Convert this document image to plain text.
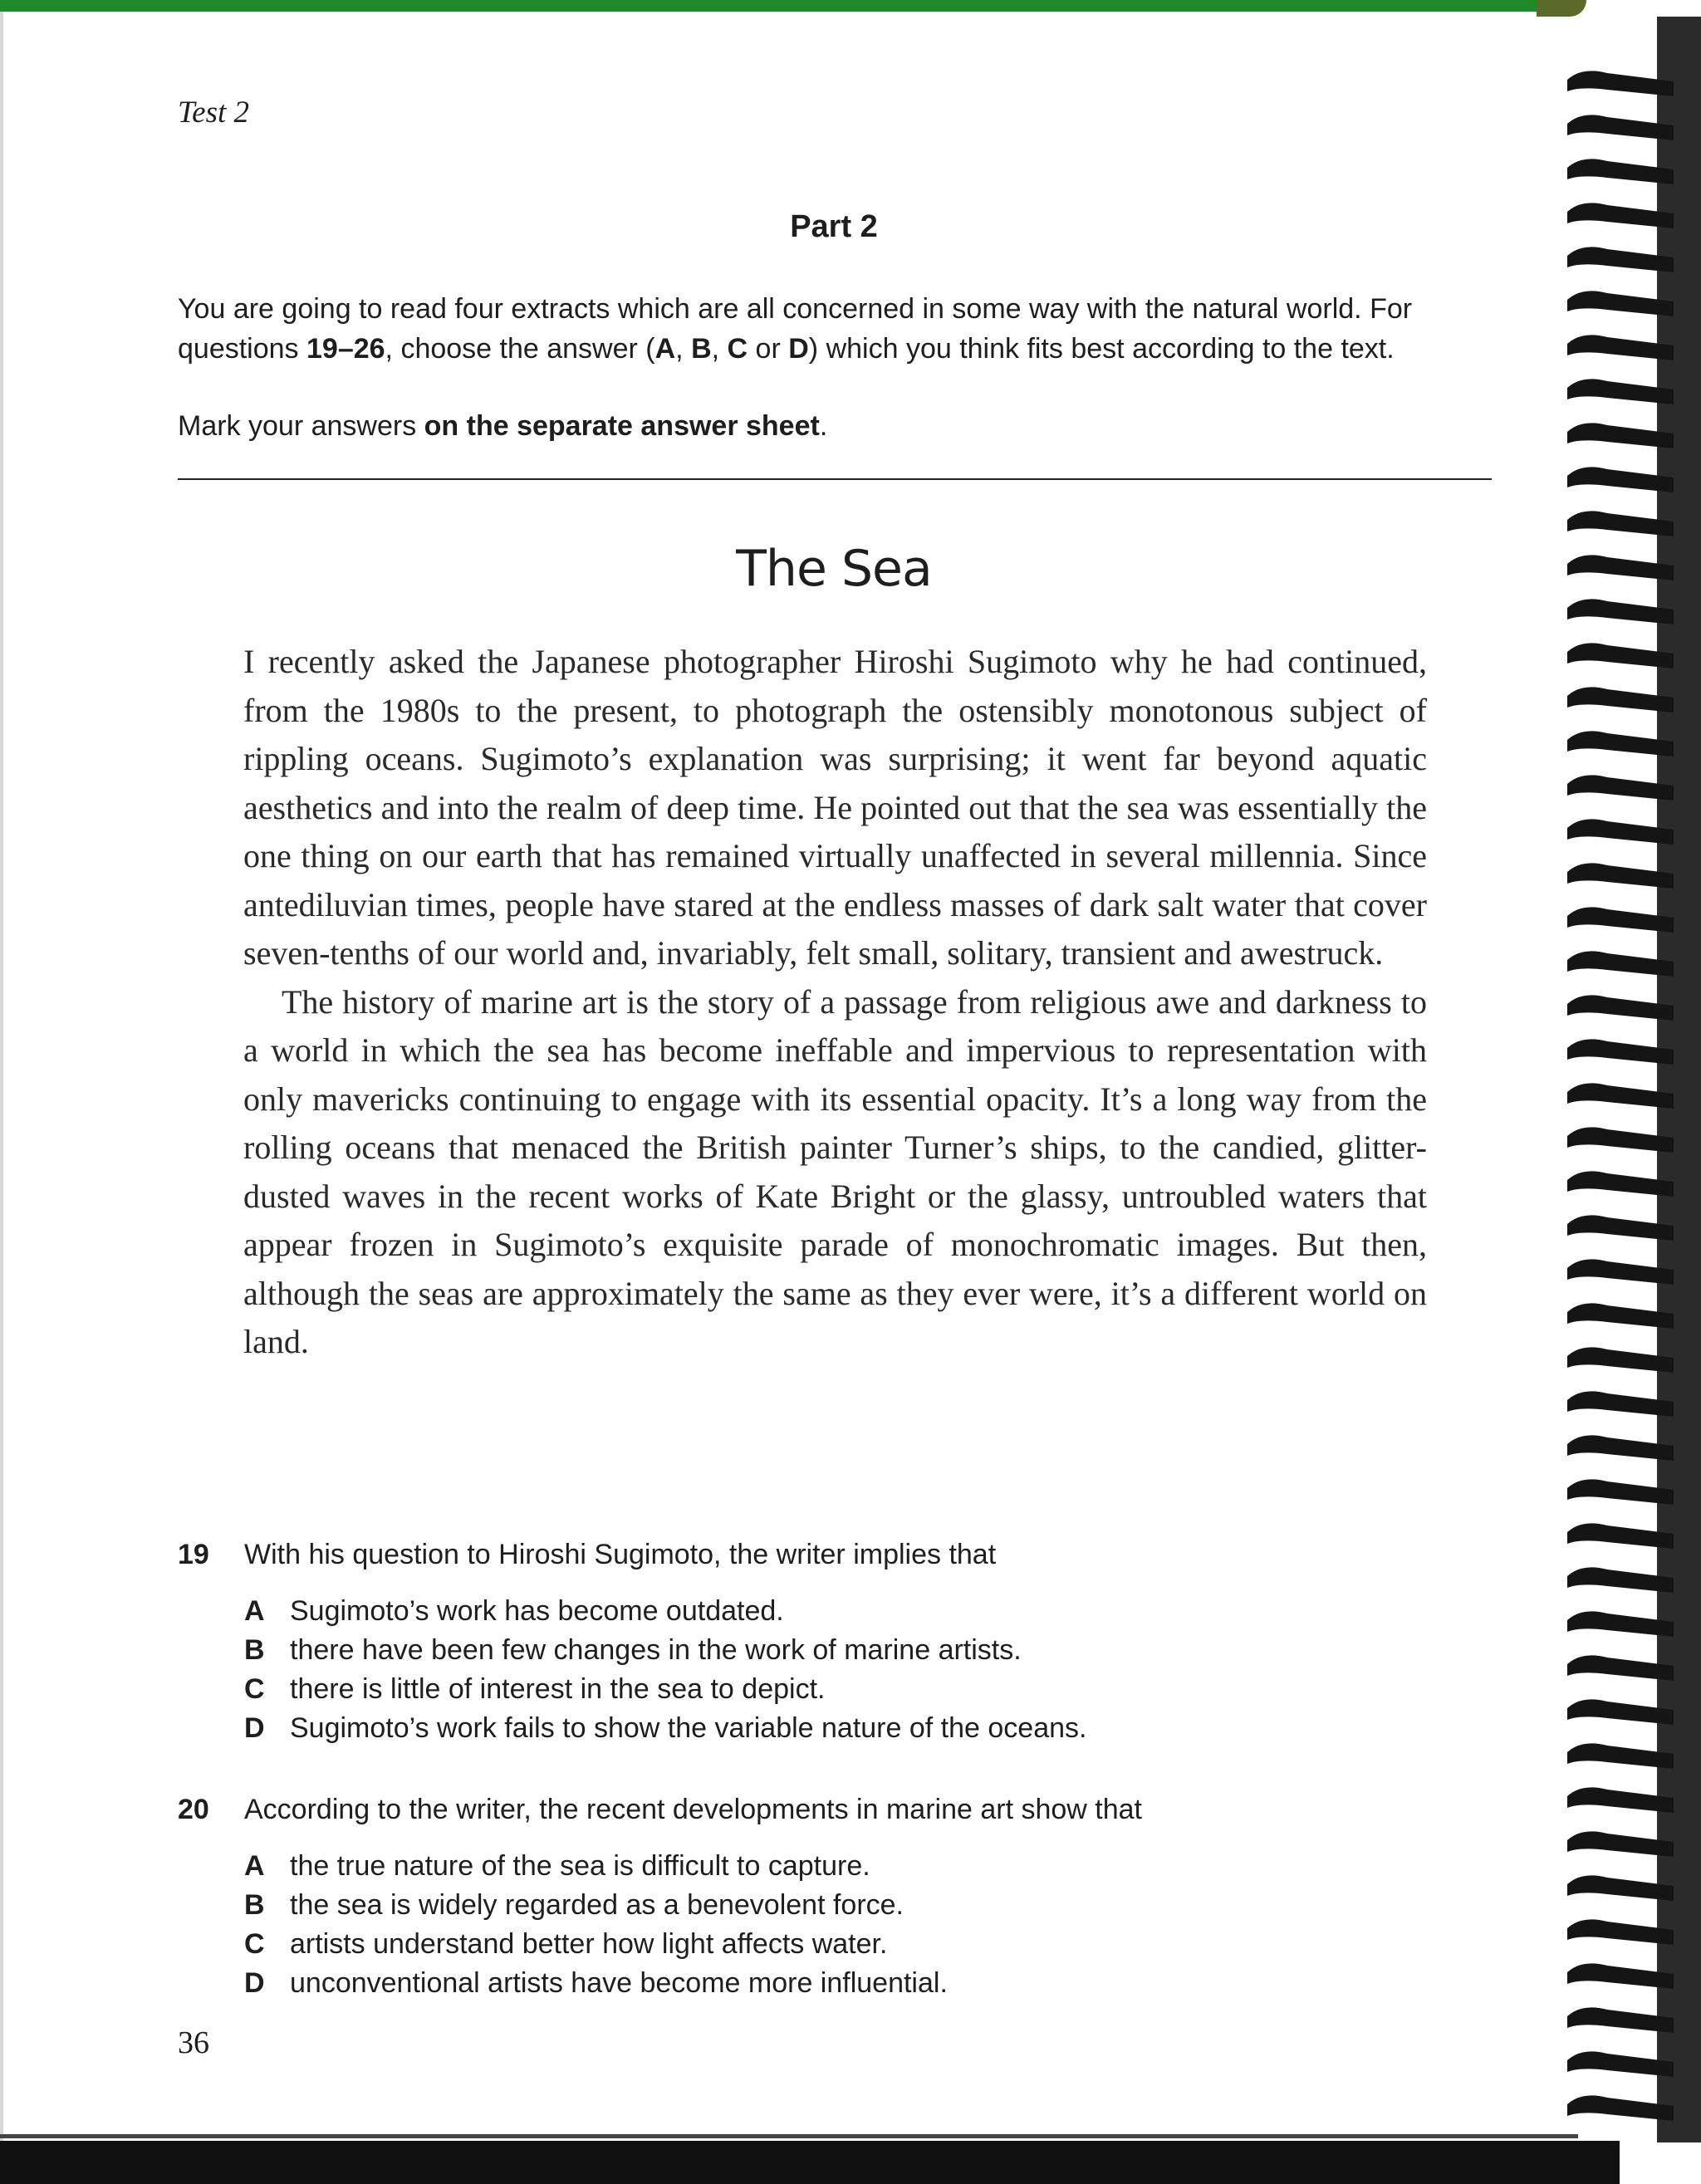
Test 2
Part 2
You are going to read four extracts which are all concerned in some way with the natural world. For
questions 19–26, choose the answer (A, B, C or D) which you think fits best according to the text.
Mark your answers on the separate answer sheet.
The Sea

I recently asked the Japanese photographer Hiroshi Sugimoto why he had continued, from the 1980s to the present, to photograph the ostensibly monotonous subject of rippling oceans. Sugimoto’s explanation was surprising; it went far beyond aquatic aesthetics and into the realm of deep time. He pointed out that the sea was essentially the one thing on our earth that has remained virtually unaffected in several millennia. Since antediluvian times, people have stared at the endless masses of dark salt water that cover seven-tenths of our world and, invariably, felt small, solitary, transient and awestruck.

The history of marine art is the story of a passage from religious awe and darkness to a world in which the sea has become ineffable and impervious to representation with only mavericks continuing to engage with its essential opacity. It’s a long way from the rolling oceans that menaced the British painter Turner’s ships, to the candied, glitter-dusted waves in the recent works of Kate Bright or the glassy, untroubled waters that appear frozen in Sugimoto’s exquisite parade of monochromatic images. But then, although the seas are approximately the same as they ever were, it’s a different world on land.

19	With his question to Hiroshi Sugimoto, the writer implies that
A Sugimoto’s work has become outdated.
B there have been few changes in the work of marine artists.
C there is little of interest in the sea to depict.
D Sugimoto’s work fails to show the variable nature of the oceans.
20	According to the writer, the recent developments in marine art show that
A the true nature of the sea is difficult to capture.
B the sea is widely regarded as a benevolent force.
C artists understand better how light affects water.
D unconventional artists have become more influential.
36
